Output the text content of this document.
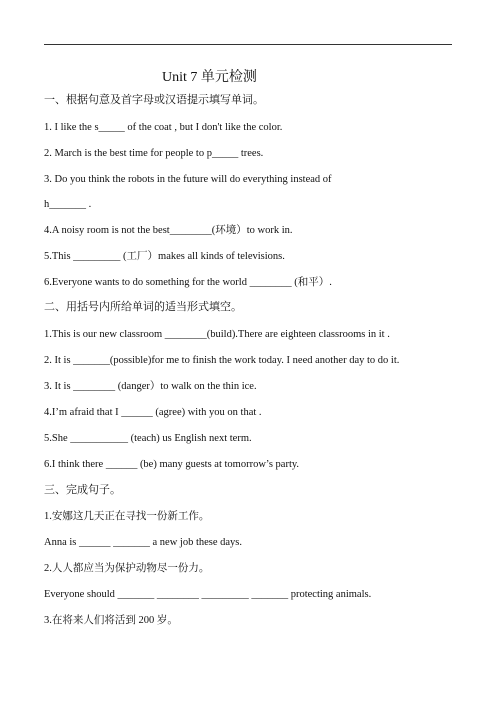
Unit 7 单元检测
一、根据句意及首字母或汉语提示填写单词。
1. I like the s_____ of the coat , but I don't like the color.
2. March is the best time for people to p_____ trees.
3. Do you think the robots in the future will do everything instead of
h_______ .
4.A noisy room is not the best________(环境）to work in.
5.This _________ (工厂）makes all kinds of televisions.
6.Everyone wants to do something for the world ________ (和平）.
二、用括号内所给单词的适当形式填空。
1.This is our new classroom ________(build).There are eighteen classrooms in it .
2. It is _______(possible)for me to finish the work today. I need another day to do it.
3. It is ________ (danger）to walk on the thin ice.
4.I’m afraid that I ______ (agree) with you on that .
5.She ___________ (teach) us English next term.
6.I think there ______ (be) many guests at tomorrow’s party.
三、完成句子。
1.安娜这几天正在寻找一份新工作。
Anna is ______ _______ a new job these days.
2.人人都应当为保护动物尽一份力。
Everyone should _______ ________ _________ _______ protecting animals.
3.在将来人们将活到 200 岁。
